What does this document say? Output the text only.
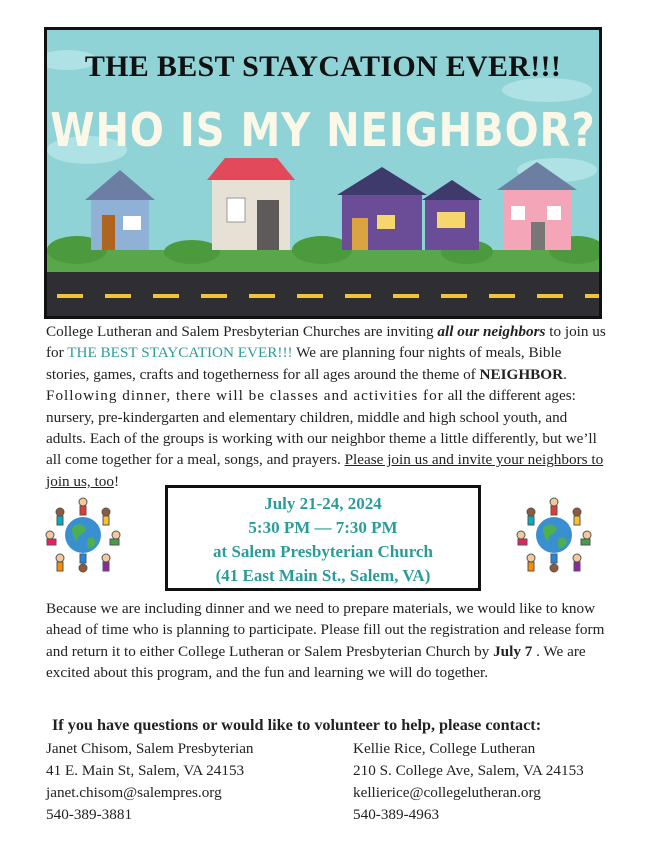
THE BEST STAYCATION EVER!!!
WHO IS MY NEIGHBOR?
College Lutheran and Salem Presbyterian Churches are inviting all our neighbors to join us for THE BEST STAYCATION EVER!!! We are planning four nights of meals, Bible stories, games, crafts and togetherness for all ages around the theme of NEIGHBOR. Following dinner, there will be classes and activities for all the different ages: nursery, pre-kindergarten and elementary children, middle and high school youth, and adults. Each of the groups is working with our neighbor theme a little differently, but we’ll all come together for a meal, songs, and prayers. Please join us and invite your neighbors to join us, too!
July 21-24, 2024
5:30 PM — 7:30 PM
at Salem Presbyterian Church
(41 East Main St., Salem, VA)
Because we are including dinner and we need to prepare materials, we would like to know ahead of time who is planning to participate. Please fill out the registration and release form and return it to either College Lutheran or Salem Presbyterian Church by July 7 . We are excited about this program, and the fun and learning we will do together.
If you have questions or would like to volunteer to help, please contact:
Janet Chisom, Salem Presbyterian
41 E. Main St, Salem, VA 24153
janet.chisom@salempres.org
540-389-3881
Kellie Rice, College Lutheran
210 S. College Ave, Salem, VA 24153
kellierice@collegelutheran.org
540-389-4963
